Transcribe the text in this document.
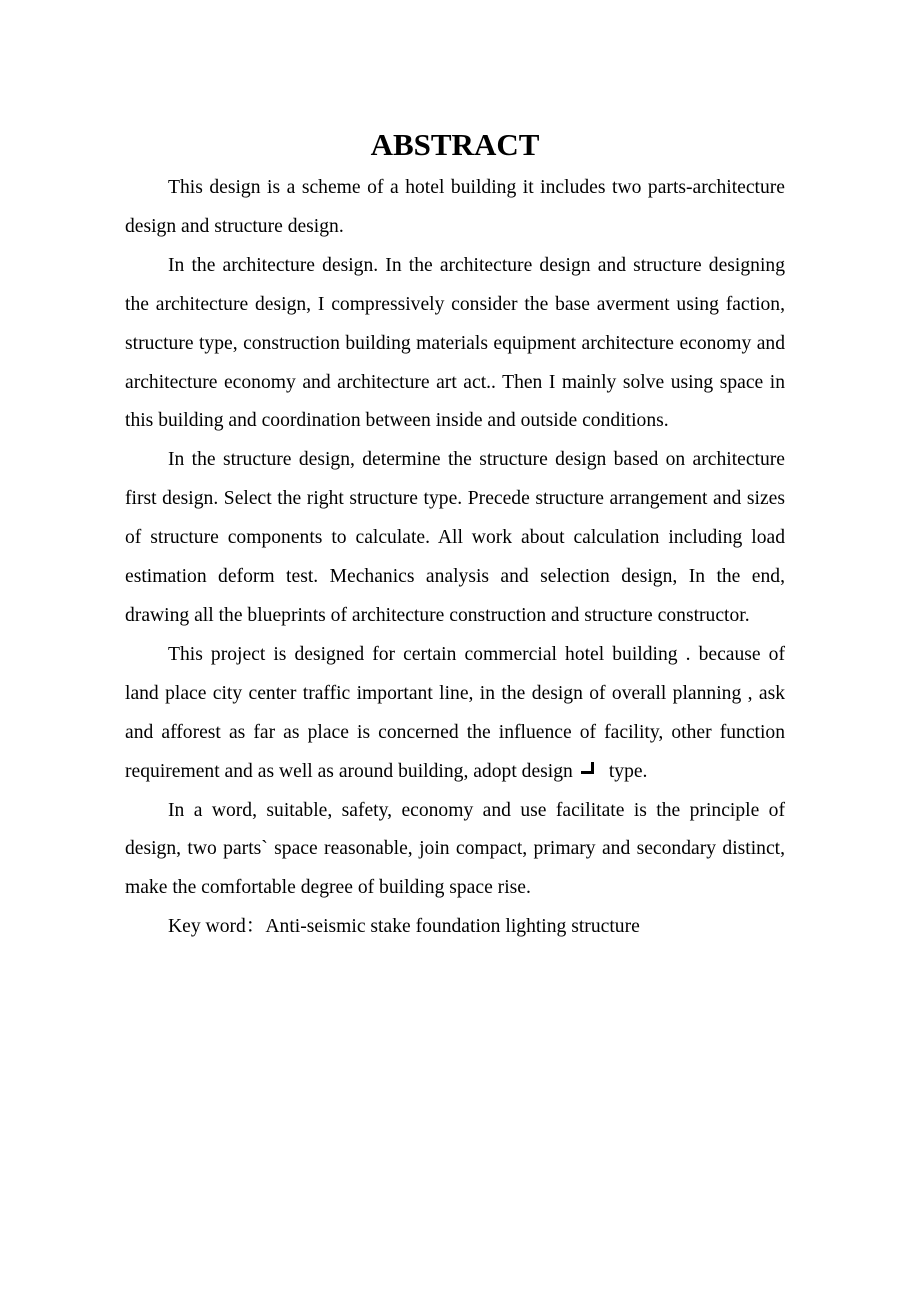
ABSTRACT

This design is a scheme of a hotel building it includes two parts-architecture design and structure design.

In the architecture design. In the architecture design and structure designing the architecture design, I compressively consider the base averment using faction, structure type, construction building materials equipment architecture economy and architecture economy and architecture art act.. Then I mainly solve using space in this building and coordination between inside and outside conditions.

In the structure design, determine the structure design based on architecture first design. Select the right structure type. Precede structure arrangement and sizes of structure components to calculate. All work about calculation including load estimation deform test. Mechanics analysis and selection design, In the end, drawing all the blueprints of architecture construction and structure constructor.

This project is designed for certain commercial hotel building . because of land place city center traffic important line, in the design of overall planning , ask and afforest as far as place is concerned the influence of facility, other function requirement and as well as around building, adopt design type.

In a word, suitable, safety, economy and use facilitate is the principle of design, two parts` space reasonable, join compact, primary and secondary distinct, make the comfortable degree of building space rise.

Key word：Anti-seismic stake foundation lighting structure
